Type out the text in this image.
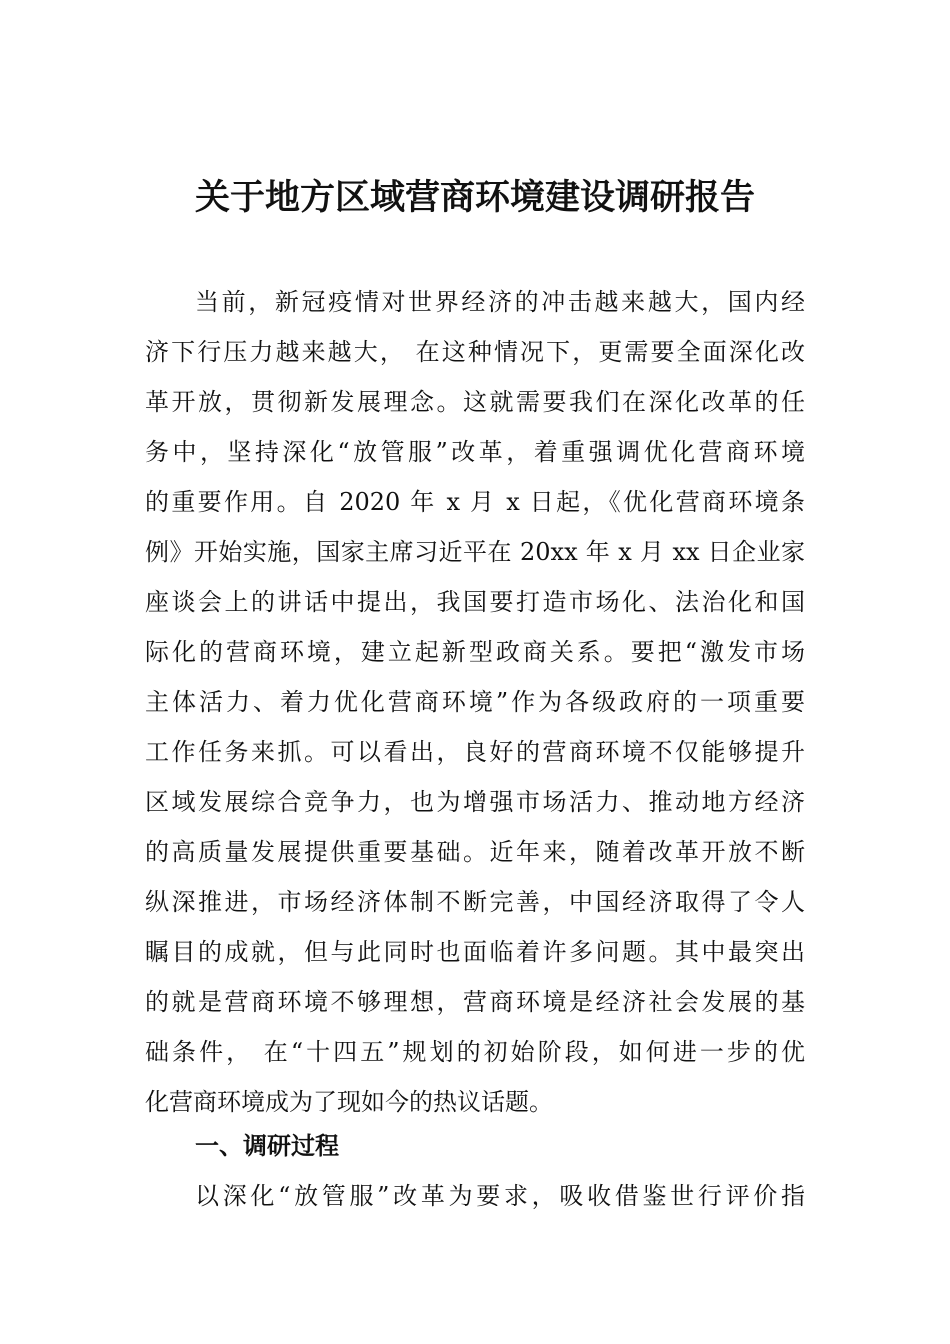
关于地方区域营商环境建设调研报告
当前，新冠疫情对世界经济的冲击越来越大，国内经
济下行压力越来越大， 在这种情况下，更需要全面深化改
革开放，贯彻新发展理念。这就需要我们在深化改革的任
务中，坚持深化“放管服”改革，着重强调优化营商环境
的重要作用。自 2020 年 x 月 x 日起，《优化营商环境条
例》开始实施，国家主席习近平在 20xx 年 x 月 xx 日企业家
座谈会上的讲话中提出，我国要打造市场化、法治化和国
际化的营商环境，建立起新型政商关系。要把“激发市场
主体活力、着力优化营商环境”作为各级政府的一项重要
工作任务来抓。可以看出，良好的营商环境不仅能够提升
区域发展综合竞争力，也为增强市场活力、推动地方经济
的高质量发展提供重要基础。近年来，随着改革开放不断
纵深推进，市场经济体制不断完善，中国经济取得了令人
瞩目的成就，但与此同时也面临着许多问题。其中最突出
的就是营商环境不够理想，营商环境是经济社会发展的基
础条件， 在“十四五”规划的初始阶段，如何进一步的优
化营商环境成为了现如今的热议话题。
一、调研过程
以深化“放管服”改革为要求，吸收借鉴世行评价指
